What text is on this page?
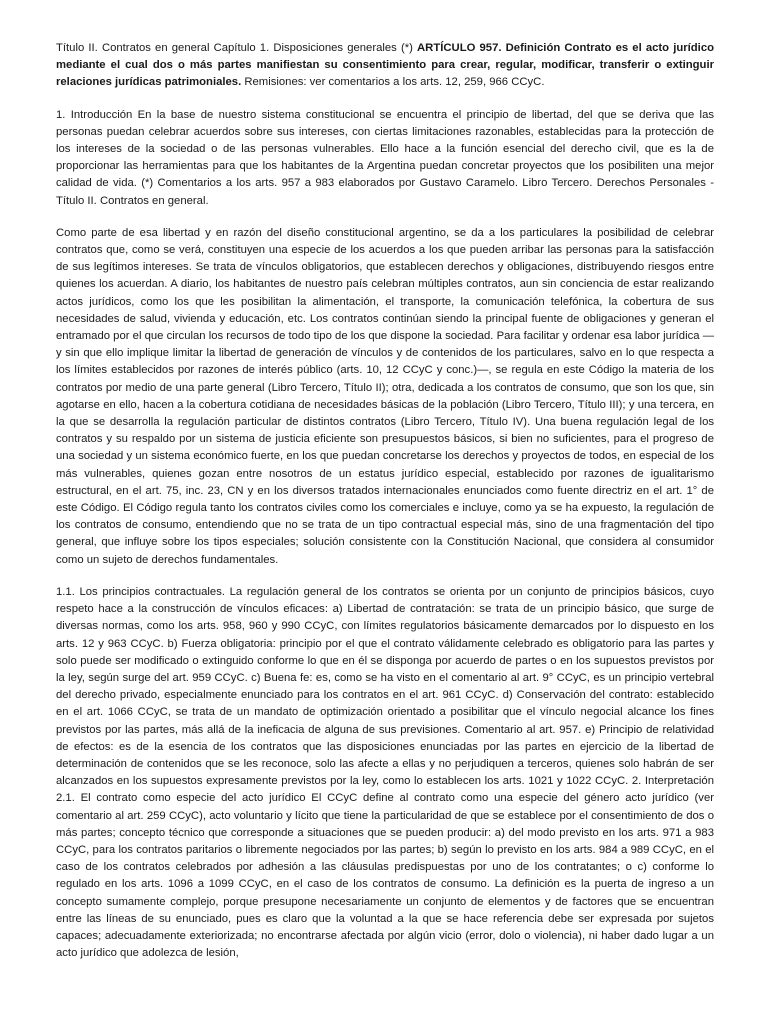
Título II. Contratos en general Capítulo 1. Disposiciones generales (*) ARTÍCULO 957. Definición Contrato es el acto jurídico mediante el cual dos o más partes manifiestan su consentimiento para crear, regular, modificar, transferir o extinguir relaciones jurídicas patrimoniales. Remisiones: ver comentarios a los arts. 12, 259, 966 CCyC.

1. Introducción En la base de nuestro sistema constitucional se encuentra el principio de libertad, del que se deriva que las personas puedan celebrar acuerdos sobre sus intereses, con ciertas limitaciones razonables, establecidas para la protección de los intereses de la sociedad o de las personas vulnerables. Ello hace a la función esencial del derecho civil, que es la de proporcionar las herramientas para que los habitantes de la Argentina puedan concretar proyectos que los posibiliten una mejor calidad de vida. (*) Comentarios a los arts. 957 a 983 elaborados por Gustavo Caramelo. Libro Tercero. Derechos Personales - Título II. Contratos en general.

Como parte de esa libertad y en razón del diseño constitucional argentino, se da a los particulares la posibilidad de celebrar contratos que, como se verá, constituyen una especie de los acuerdos a los que pueden arribar las personas para la satisfacción de sus legítimos intereses. Se trata de vínculos obligatorios, que establecen derechos y obligaciones, distribuyendo riesgos entre quienes los acuerdan. A diario, los habitantes de nuestro país celebran múltiples contratos, aun sin conciencia de estar realizando actos jurídicos, como los que les posibilitan la alimentación, el transporte, la comunicación telefónica, la cobertura de sus necesidades de salud, vivienda y educación, etc. Los contratos continúan siendo la principal fuente de obligaciones y generan el entramado por el que circulan los recursos de todo tipo de los que dispone la sociedad. Para facilitar y ordenar esa labor jurídica —y sin que ello implique limitar la libertad de generación de vínculos y de contenidos de los particulares, salvo en lo que respecta a los límites establecidos por razones de interés público (arts. 10, 12 CCyC y conc.)—, se regula en este Código la materia de los contratos por medio de una parte general (Libro Tercero, Título II); otra, dedicada a los contratos de consumo, que son los que, sin agotarse en ello, hacen a la cobertura cotidiana de necesidades básicas de la población (Libro Tercero, Título III); y una tercera, en la que se desarrolla la regulación particular de distintos contratos (Libro Tercero, Título IV). Una buena regulación legal de los contratos y su respaldo por un sistema de justicia eficiente son presupuestos básicos, si bien no suficientes, para el progreso de una sociedad y un sistema económico fuerte, en los que puedan concretarse los derechos y proyectos de todos, en especial de los más vulnerables, quienes gozan entre nosotros de un estatus jurídico especial, establecido por razones de igualitarismo estructural, en el art. 75, inc. 23, CN y en los diversos tratados internacionales enunciados como fuente directriz en el art. 1° de este Código. El Código regula tanto los contratos civiles como los comerciales e incluye, como ya se ha expuesto, la regulación de los contratos de consumo, entendiendo que no se trata de un tipo contractual especial más, sino de una fragmentación del tipo general, que influye sobre los tipos especiales; solución consistente con la Constitución Nacional, que considera al consumidor como un sujeto de derechos fundamentales.

1.1. Los principios contractuales. La regulación general de los contratos se orienta por un conjunto de principios básicos, cuyo respeto hace a la construcción de vínculos eficaces: a) Libertad de contratación: se trata de un principio básico, que surge de diversas normas, como los arts. 958, 960 y 990 CCyC, con límites regulatorios básicamente demarcados por lo dispuesto en los arts. 12 y 963 CCyC. b) Fuerza obligatoria: principio por el que el contrato válidamente celebrado es obligatorio para las partes y solo puede ser modificado o extinguido conforme lo que en él se disponga por acuerdo de partes o en los supuestos previstos por la ley, según surge del art. 959 CCyC. c) Buena fe: es, como se ha visto en el comentario al art. 9° CCyC, es un principio vertebral del derecho privado, especialmente enunciado para los contratos en el art. 961 CCyC. d) Conservación del contrato: establecido en el art. 1066 CCyC, se trata de un mandato de optimización orientado a posibilitar que el vínculo negocial alcance los fines previstos por las partes, más allá de la ineficacia de alguna de sus previsiones. Comentario al art. 957. e) Principio de relatividad de efectos: es de la esencia de los contratos que las disposiciones enunciadas por las partes en ejercicio de la libertad de determinación de contenidos que se les reconoce, solo las afecte a ellas y no perjudiquen a terceros, quienes solo habrán de ser alcanzados en los supuestos expresamente previstos por la ley, como lo establecen los arts. 1021 y 1022 CCyC. 2. Interpretación 2.1. El contrato como especie del acto jurídico El CCyC define al contrato como una especie del género acto jurídico (ver comentario al art. 259 CCyC), acto voluntario y lícito que tiene la particularidad de que se establece por el consentimiento de dos o más partes; concepto técnico que corresponde a situaciones que se pueden producir: a) del modo previsto en los arts. 971 a 983 CCyC, para los contratos paritarios o libremente negociados por las partes; b) según lo previsto en los arts. 984 a 989 CCyC, en el caso de los contratos celebrados por adhesión a las cláusulas predispuestas por uno de los contratantes; o c) conforme lo regulado en los arts. 1096 a 1099 CCyC, en el caso de los contratos de consumo. La definición es la puerta de ingreso a un concepto sumamente complejo, porque presupone necesariamente un conjunto de elementos y de factores que se encuentran entre las líneas de su enunciado, pues es claro que la voluntad a la que se hace referencia debe ser expresada por sujetos capaces; adecuadamente exteriorizada; no encontrarse afectada por algún vicio (error, dolo o violencia), ni haber dado lugar a un acto jurídico que adolezca de lesión,
